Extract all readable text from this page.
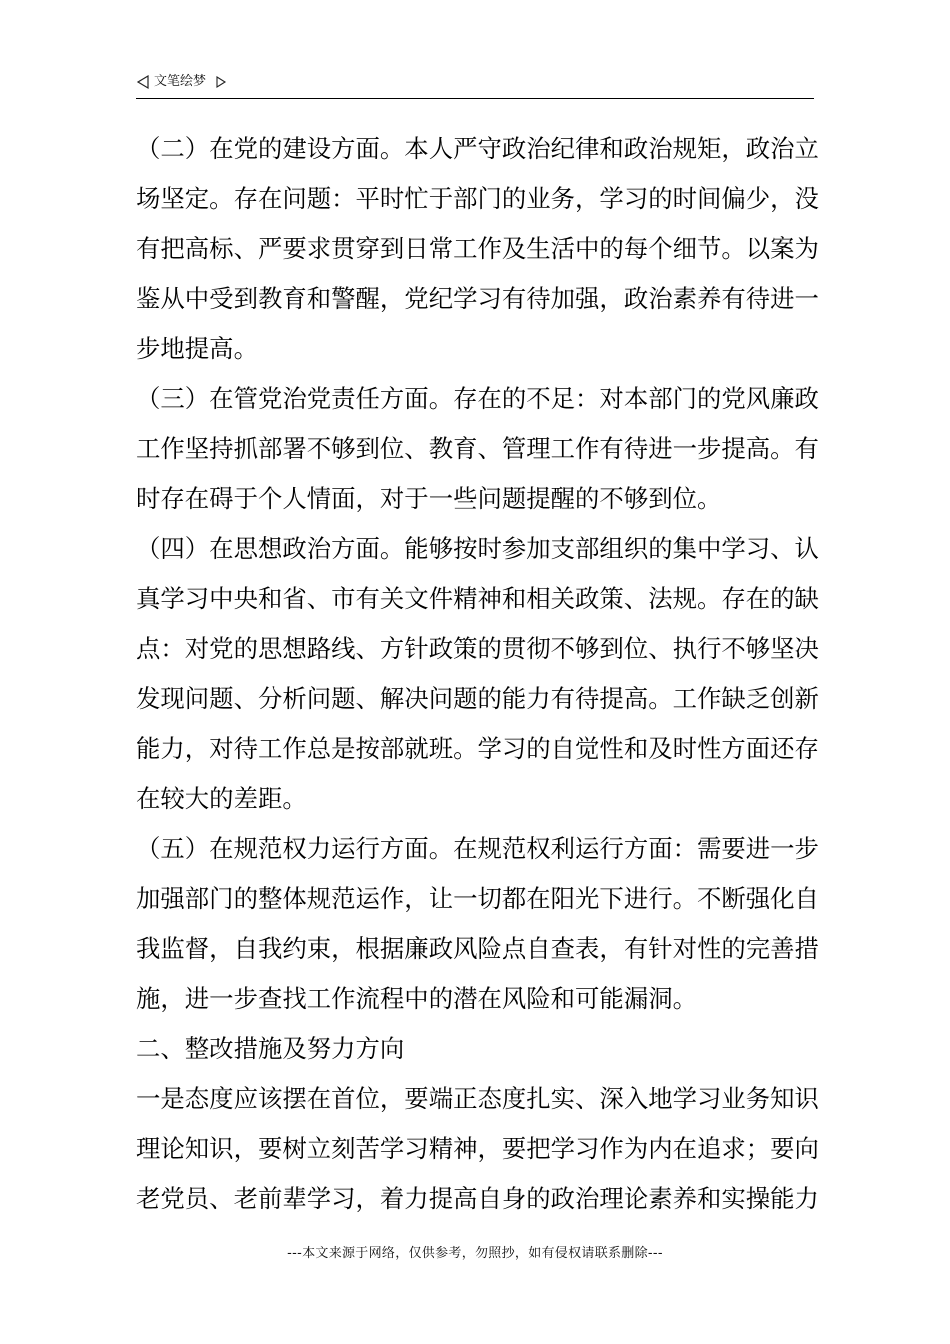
文笔绘梦

（二）在党的建设方面。本人严守政治纪律和政治规矩，政治立

场坚定。存在问题：平时忙于部门的业务，学习的时间偏少，没

有把高标、严要求贯穿到日常工作及生活中的每个细节。以案为

鉴从中受到教育和警醒，党纪学习有待加强，政治素养有待进一

步地提高。

（三）在管党治党责任方面。存在的不足：对本部门的党风廉政

工作坚持抓部署不够到位、教育、管理工作有待进一步提高。有

时存在碍于个人情面，对于一些问题提醒的不够到位。

（四）在思想政治方面。能够按时参加支部组织的集中学习、认

真学习中央和省、市有关文件精神和相关政策、法规。存在的缺

点：对党的思想路线、方针政策的贯彻不够到位、执行不够坚决

发现问题、分析问题、解决问题的能力有待提高。工作缺乏创新

能力，对待工作总是按部就班。学习的自觉性和及时性方面还存

在较大的差距。

（五）在规范权力运行方面。在规范权利运行方面：需要进一步

加强部门的整体规范运作，让一切都在阳光下进行。不断强化自

我监督，自我约束，根据廉政风险点自查表，有针对性的完善措

施，进一步查找工作流程中的潜在风险和可能漏洞。

二、整改措施及努力方向

一是态度应该摆在首位，要端正态度扎实、深入地学习业务知识

理论知识，要树立刻苦学习精神，要把学习作为内在追求；要向

老党员、老前辈学习，着力提高自身的政治理论素养和实操能力

---本文来源于网络，仅供参考，勿照抄，如有侵权请联系删除---
